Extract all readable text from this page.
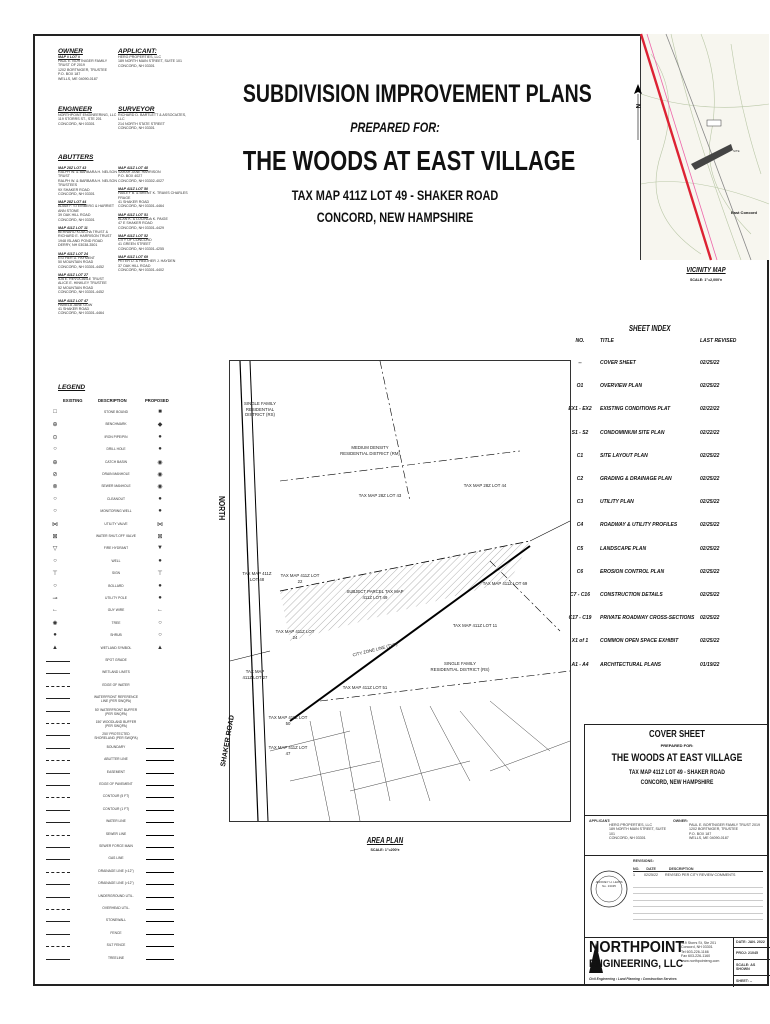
OWNER
MAP # LOT #
PAUL E. BORTNIGER FAMILY TRUST OF 2019
1202 BORTNIGER, TRUSTEE
P.O. BOX 187
WELLS, ME 04090-0187
APPLICANT:
HERG PROPERTIES, LLC
189 NORTH MAIN STREET, SUITE 101
CONCORD, NH 03301
ENGINEER
NORTHPOINT ENGINEERING, LLC
119 STORRS ST., STE 201
CONCORD, NH 03301
SURVEYOR
RICHARD D. BARTLETT & ASSOCIATES, LLC
214 NORTH STATE STREET
CONCORD, NH 03301
ABUTTERS
MAP 28Z LOT 43
RALPH W. & BARBARA H. NELSON TRUST
RALPH W. & BARBARA H. NELSON TRUSTEES
9X SHAKER ROAD
CONCORD, NH 03301
MAP 28Z LOT 44
ADAM F. STEINBERG & HARRIET ANN STONE
39 OAK HILL ROAD
CONCORD, NH 03301
MAP 411Z LOT 11
BERNARD KOUCHA TRUST &
RICHARD E. HARRISON TRUST
1948 ISLAND POND ROAD
DERRY, NH 03038-3501
MAP 411Z LOT 24
ESTHER D. PAYMENT
50 MOUNTAIN ROAD
CONCORD, NH 03301-4452
MAP 411Z LOT 27
IDA E. REVOCABLE TRUST
ALICE E. HINKLEY TRUSTEE
52 MOUNTAIN ROAD
CONCORD, NH 03301-4452
MAP 411Z LOT 47
PAMELA JANE GOW
41 SHAKER ROAD
CONCORD, NH 03301-4464
MAP 411Z LOT 48
SARAH JANE HARRISON
P.O. BOX 4027
CONCORD, NH 03302-4027
MAP 411Z LOT 50
HAILEY B. & BRENT K. TRAVIS CHARLES FRAGE
41 SHAKER ROAD
CONCORD, NH 03301-4464
MAP 411Z LOT 51
ALAN K. & LUCINDA K. PAIGE
47 E SHAKER ROAD
CONCORD, NH 03301-4429
MAP 411Z LOT 52
CITY OF CONCORD
41 GREEN STREET
CONCORD, NH 03301-4255
MAP 411Z LOT 69
PETER D. & HEATHER J. HAYDEN
37 OAK HILL ROAD
CONCORD, NH 03301-4402
LEGEND
EXISTING	DESCRIPTION	PROPOSED
□	STONE BOUND	■
⊕	BENCHMARK	◆
⊙	IRON PIPE/PIN	●
○	DRILL HOLE	●
⊕	CATCH BASIN	◉
⊘	DRAIN MANHOLE	◉
⊗	SEWER MANHOLE	◉
○	CLEANOUT	●
○	MONITORING WELL	●
⋈	UTILITY VALVE	⋈
⊠	WATER SHUT-OFF VALVE	⊠
▽	FIRE HYDRANT	▼
○	WELL	●
⊤	SIGN	⊤
○	BOLLARD	●
⊸	UTILITY POLE	●
←	GUY WIRE	←
✺	TREE	○
●	SHRUB	○
▲	WETLAND SYMBOL	▲
SPOT GRADE
WETLAND LIMITS
EDGE OF WATER
WATERFRONT REFERENCE LINE (PER SWQPA)
50' WATERFRONT BUFFER (PER SWQPA)
150' WOODLAND BUFFER (PER SWQPA)
250' PROTECTED SHORELAND (PER SWQPA)
BOUNDARY
ABUTTER LINE
EASEMENT
EDGE OF PAVEMENT
CONTOUR (5 FT)
CONTOUR (1 FT)
WATER LINE
SEWER LINE
SEWER FORCE MAIN
GAS LINE
DRAINAGE LINE (<12")
DRAINAGE LINE (>12")
UNDERGROUND UTIL.
OVERHEAD UTIL.
STONEWALL
FENCE
SILT FENCE
TREELINE
SUBDIVISION IMPROVEMENT PLANS
PREPARED FOR:
THE WOODS AT EAST VILLAGE
TAX MAP 411Z LOT 49 - SHAKER ROAD
CONCORD, NEW HAMPSHIRE
SITE
East Concord
N
VICINITY MAP
SCALE: 1"=2,000'±
SHEET INDEX
NO.	TITLE	LAST REVISED
--	COVER SHEET	02/25/22
O1	OVERVIEW PLAN	02/25/22
EX1 - EX2	EXISTING CONDITIONS PLAT	02/22/22
S1 - S2	CONDOMINIUM SITE PLAN	02/22/22
C1	SITE LAYOUT PLAN	02/25/22
C2	GRADING & DRAINAGE PLAN	02/25/22
C3	UTILITY PLAN	02/25/22
C4	ROADWAY & UTILITY PROFILES	02/25/22
C5	LANDSCAPE PLAN	02/25/22
C6	EROSION CONTROL PLAN	02/25/22
C7 - C16	CONSTRUCTION DETAILS	02/25/22
C17 - C19	PRIVATE ROADWAY CROSS-SECTIONS 02/25/22
X1 of 1	COMMON OPEN SPACE EXHIBIT	02/25/22
A1 - A4	ARCHITECTURAL PLANS	01/19/22
SINGLE FAMILY RESIDENTIAL DISTRICT (RS)
MEDIUM DENSITY RESIDENTIAL DISTRICT (RM)
TAX MAP 28Z LOT 43
TAX MAP 28Z LOT 44
TAX MAP 411Z LOT 48
TAX MAP 411Z LOT 22
SUBJECT PARCEL TAX MAP 411Z LOT 49
TAX MAP 411Z LOT 69
TAX MAP 411Z LOT 24
TAX MAP 411Z LOT 11
CITY ZONE LINE (TYP)
SINGLE FAMILY RESIDENTIAL DISTRICT (RS)
TAX MAP 411Z LOT 27
TAX MAP 411Z LOT 51
TAX MAP 411Z LOT 50
TAX MAP 411Z LOT 47
NORTH
SHAKER ROAD
AREA PLAN
SCALE: 1"=200'±
COVER SHEET
PREPARED FOR:
THE WOODS AT EAST VILLAGE
TAX MAP 411Z LOT 49 - SHAKER ROAD
CONCORD, NEW HAMPSHIRE
APPLICANT:
HERG PROPERTIES, LLC
189 NORTH MAIN STREET, SUITE 101
CONCORD, NH 03301
OWNER:
PAUL E. BORTNIGER FAMILY TRUST 2019
1202 BORTNIGER, TRUSTEE
P.O. BOX 187
WELLS, ME 04090-0187
JEFFREY H. LEWIS
No. 13435
REVISIONS:
NO. DATE	DESCRIPTION
1	02/25/22 REVISED PER CITY REVIEW COMMENTS
NORTHPOINT
ENGINEERING, LLC
Civil Engineering • Land Planning • Construction Services
119 Storrs St, Ste 201
Concord, NH 03301
Tel 603-226-1166
Fax 603-226-1160
www.northpointeng.com
DATE: JAN. 2022
PROJ: 21045
SCALE: AS SHOWN
SHEET: --
